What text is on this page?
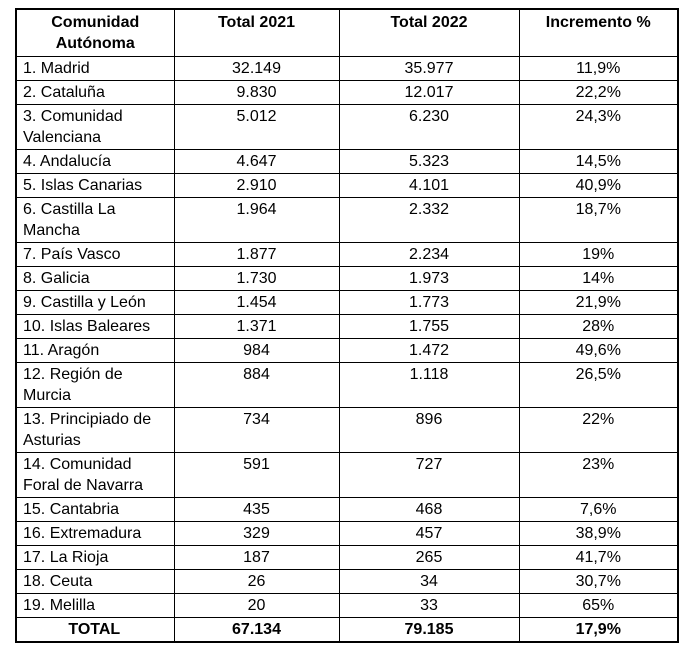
Comunidad Autónoma	Total 2021	Total 2022	Incremento %
1. Madrid	32.149	35.977	11,9%
2. Cataluña	9.830	12.017	22,2%
3. Comunidad Valenciana	5.012	6.230	24,3%
4. Andalucía	4.647	5.323	14,5%
5. Islas Canarias	2.910	4.101	40,9%
6. Castilla La Mancha	1.964	2.332	18,7%
7. País Vasco	1.877	2.234	19%
8. Galicia	1.730	1.973	14%
9. Castilla y León	1.454	1.773	21,9%
10. Islas Baleares	1.371	1.755	28%
11. Aragón	984	1.472	49,6%
12. Región de Murcia	884	1.118	26,5%
13. Principiado de Asturias	734	896	22%
14. Comunidad Foral de Navarra	591	727	23%
15. Cantabria	435	468	7,6%
16. Extremadura	329	457	38,9%
17. La Rioja	187	265	41,7%
18. Ceuta	26	34	30,7%
19. Melilla	20	33	65%
TOTAL	67.134	79.185	17,9%
